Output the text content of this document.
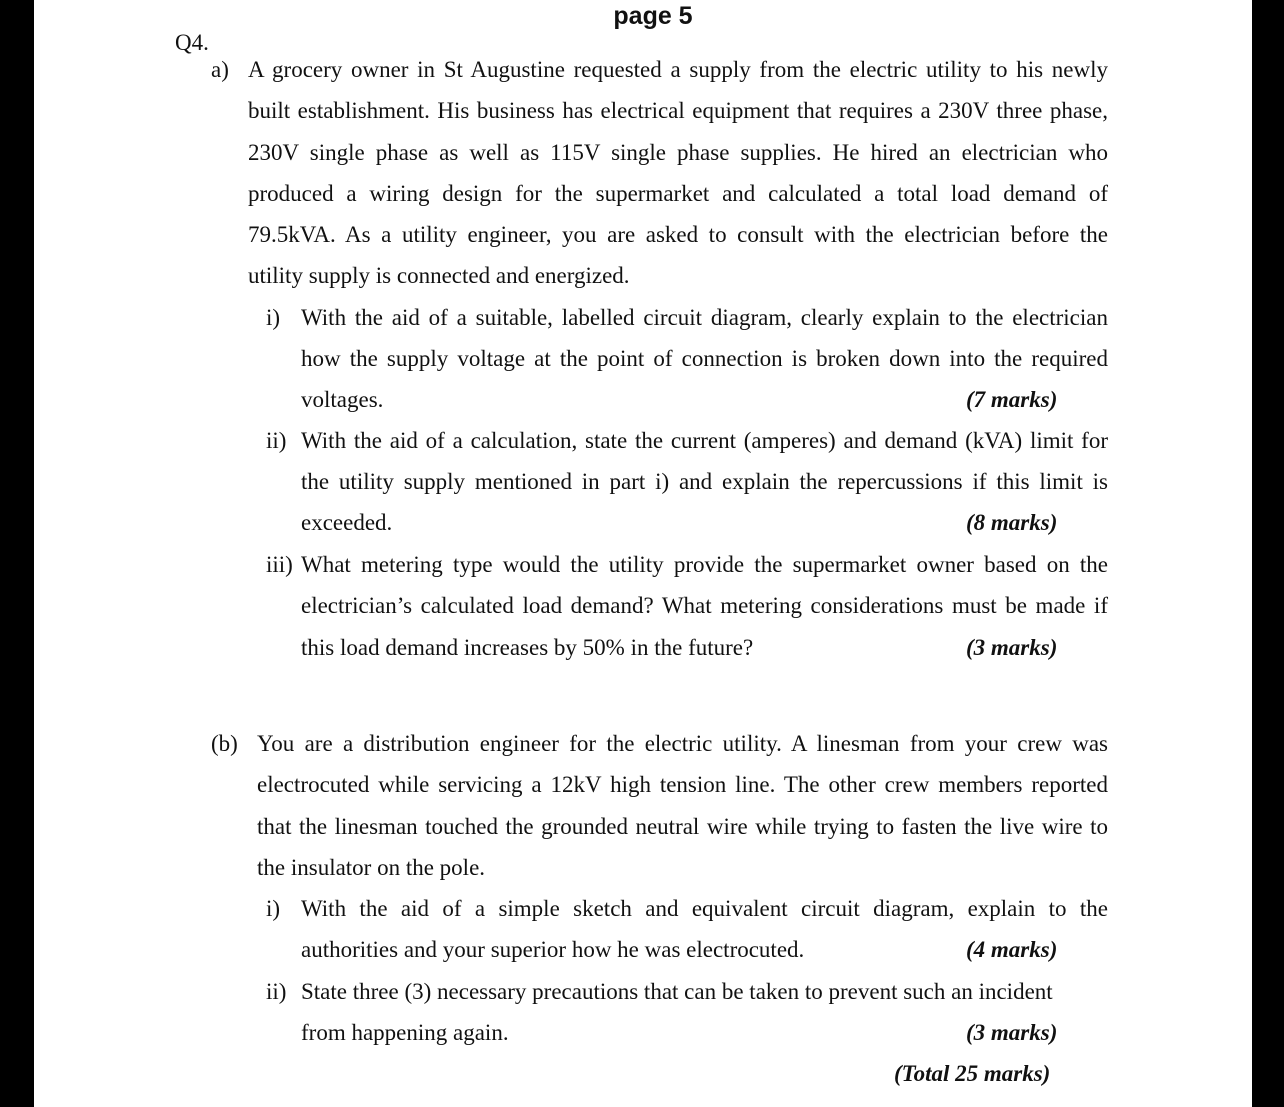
page 5
Q4.
a) A grocery owner in St Augustine requested a supply from the electric utility to his newly
built establishment. His business has electrical equipment that requires a 230V three phase,
230V single phase as well as 115V single phase supplies. He hired an electrician who
produced a wiring design for the supermarket and calculated a total load demand of
79.5kVA. As a utility engineer, you are asked to consult with the electrician before the
utility supply is connected and energized.
i) With the aid of a suitable, labelled circuit diagram, clearly explain to the electrician
how the supply voltage at the point of connection is broken down into the required
voltages.	(7 marks)
ii) With the aid of a calculation, state the current (amperes) and demand (kVA) limit for
the utility supply mentioned in part i) and explain the repercussions if this limit is
exceeded.	(8 marks)
iii) What metering type would the utility provide the supermarket owner based on the
electrician’s calculated load demand? What metering considerations must be made if
this load demand increases by 50% in the future?	(3 marks)
(b) You are a distribution engineer for the electric utility. A linesman from your crew was
electrocuted while servicing a 12kV high tension line. The other crew members reported
that the linesman touched the grounded neutral wire while trying to fasten the live wire to
the insulator on the pole.
i) With the aid of a simple sketch and equivalent circuit diagram, explain to the
authorities and your superior how he was electrocuted.	(4 marks)
ii) State three (3) necessary precautions that can be taken to prevent such an incident
from happening again.	(3 marks)
(Total 25 marks)
